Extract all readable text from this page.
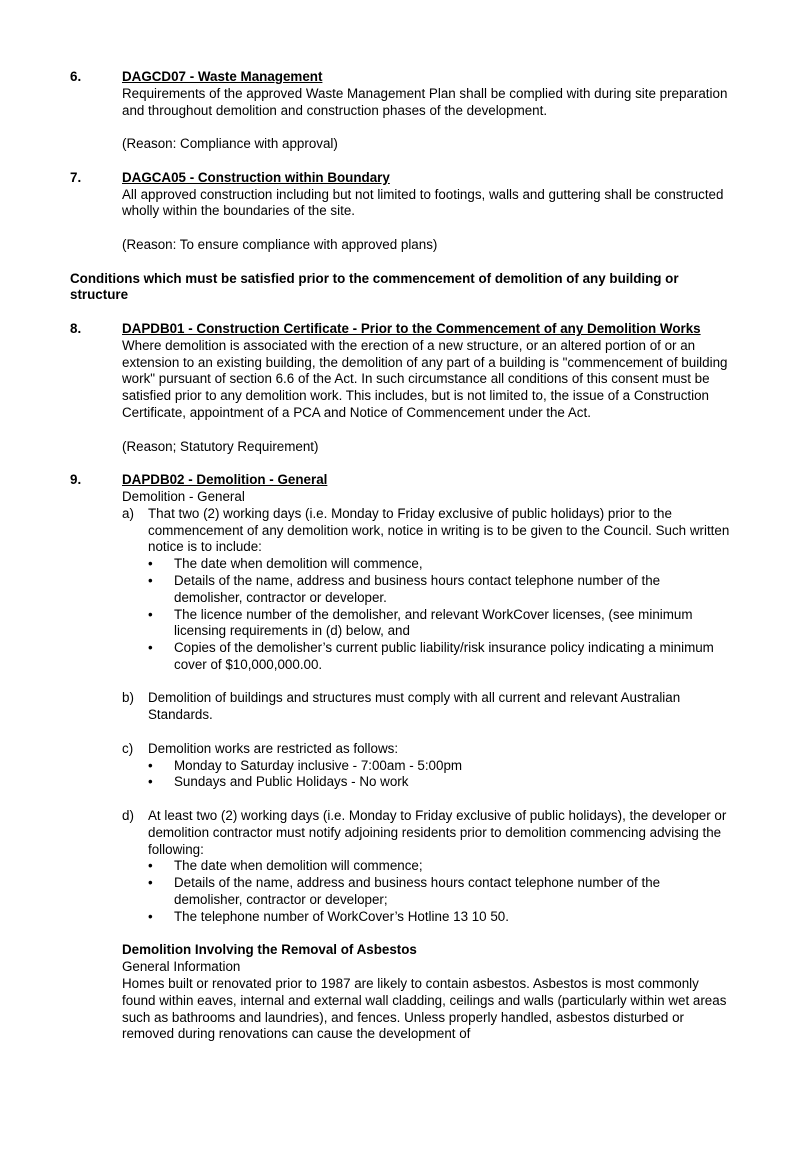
6.	DAGCD07 - Waste Management

Requirements of the approved Waste Management Plan shall be complied with during site preparation and throughout demolition and construction phases of the development.

(Reason: Compliance with approval)

7.	DAGCA05 - Construction within Boundary

All approved construction including but not limited to footings, walls and guttering shall be constructed wholly within the boundaries of the site.

(Reason: To ensure compliance with approved plans)

Conditions which must be satisfied prior to the commencement of demolition of any building or structure

8.	DAPDB01 - Construction Certificate - Prior to the Commencement of any Demolition Works

Where demolition is associated with the erection of a new structure, or an altered portion of or an extension to an existing building, the demolition of any part of a building is "commencement of building work" pursuant of section 6.6 of the Act. In such circumstance all conditions of this consent must be satisfied prior to any demolition work. This includes, but is not limited to, the issue of a Construction Certificate, appointment of a PCA and Notice of Commencement under the Act.

(Reason; Statutory Requirement)

9.	DAPDB02 - Demolition - General

Demolition - General

a) That two (2) working days (i.e. Monday to Friday exclusive of public holidays) prior to the commencement of any demolition work, notice in writing is to be given to the Council. Such written notice is to include:

• The date when demolition will commence,
• Details of the name, address and business hours contact telephone number of the demolisher, contractor or developer.
• The licence number of the demolisher, and relevant WorkCover licenses, (see minimum licensing requirements in (d) below, and
• Copies of the demolisher’s current public liability/risk insurance policy indicating a minimum cover of $10,000,000.00.
b) Demolition of buildings and structures must comply with all current and relevant Australian Standards.

c) Demolition works are restricted as follows:

• Monday to Saturday inclusive - 7:00am - 5:00pm
• Sundays and Public Holidays - No work
d) At least two (2) working days (i.e. Monday to Friday exclusive of public holidays), the developer or demolition contractor must notify adjoining residents prior to demolition commencing advising the following:

• The date when demolition will commence;
• Details of the name, address and business hours contact telephone number of the demolisher, contractor or developer;
• The telephone number of WorkCover’s Hotline 13 10 50.

Demolition Involving the Removal of Asbestos

General Information

Homes built or renovated prior to 1987 are likely to contain asbestos. Asbestos is most commonly found within eaves, internal and external wall cladding, ceilings and walls (particularly within wet areas such as bathrooms and laundries), and fences. Unless properly handled, asbestos disturbed or removed during renovations can cause the development of
